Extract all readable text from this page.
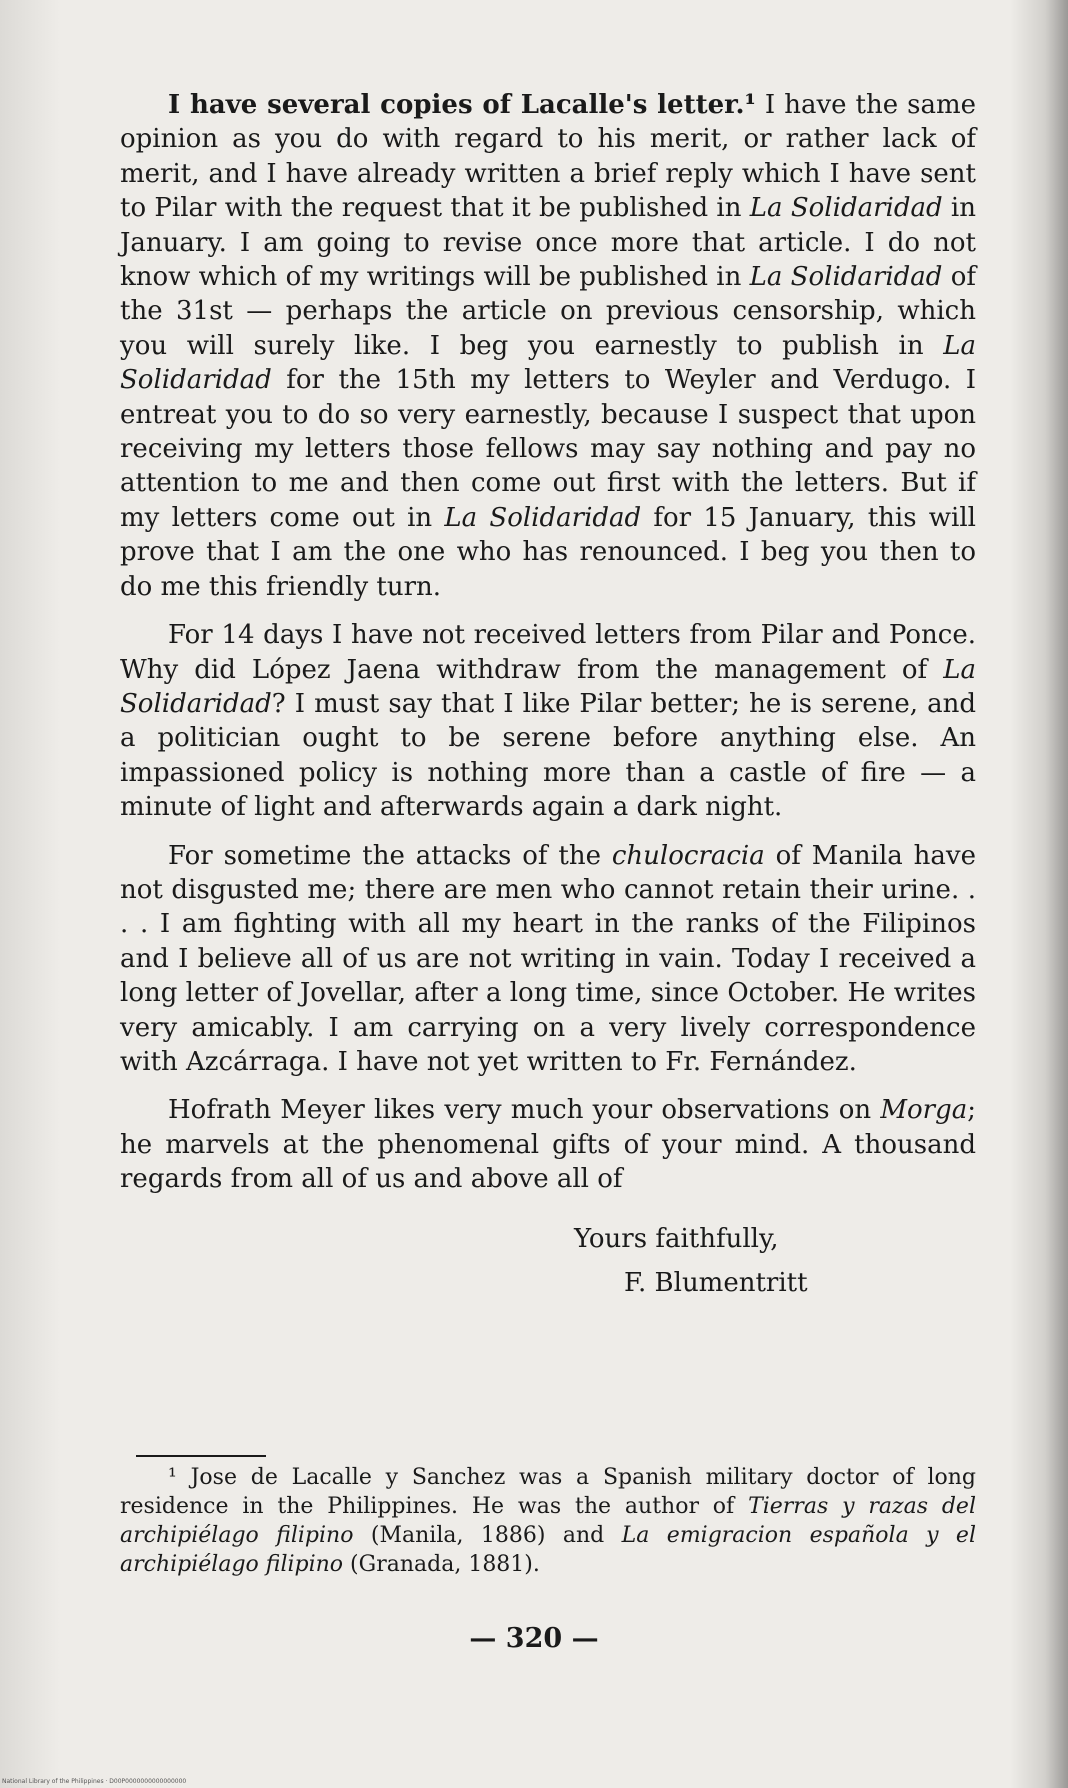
I have several copies of Lacalle's letter.¹ I have the same opinion as you do with regard to his merit, or rather lack of merit, and I have already written a brief reply which I have sent to Pilar with the request that it be published in La Solidaridad in January. I am going to revise once more that article. I do not know which of my writings will be published in La Solidaridad of the 31st — perhaps the article on previous censorship, which you will surely like. I beg you earnestly to publish in La Solidaridad for the 15th my letters to Weyler and Verdugo. I entreat you to do so very earnestly, because I suspect that upon receiving my letters those fellows may say nothing and pay no attention to me and then come out first with the letters. But if my letters come out in La Solidaridad for 15 January, this will prove that I am the one who has renounced. I beg you then to do me this friendly turn.

For 14 days I have not received letters from Pilar and Ponce. Why did López Jaena withdraw from the management of La Solidaridad? I must say that I like Pilar better; he is serene, and a politician ought to be serene before anything else. An impassioned policy is nothing more than a castle of fire — a minute of light and afterwards again a dark night.

For sometime the attacks of the chulocracia of Manila have not disgusted me; there are men who cannot retain their urine. . . . I am fighting with all my heart in the ranks of the Filipinos and I believe all of us are not writing in vain. Today I received a long letter of Jovellar, after a long time, since October. He writes very amicably. I am carrying on a very lively correspondence with Azcárraga. I have not yet written to Fr. Fernández.

Hofrath Meyer likes very much your observations on Morga; he marvels at the phenomenal gifts of your mind. A thousand regards from all of us and above all of

Yours faithfully,
F. Blumentritt
¹ Jose de Lacalle y Sanchez was a Spanish military doctor of long residence in the Philippines. He was the author of Tierras y razas del archipiélago filipino (Manila, 1886) and La emigracion española y el archipiélago filipino (Granada, 1881).
— 320 —
National Library of the Philippines · D00P0000000000000000
